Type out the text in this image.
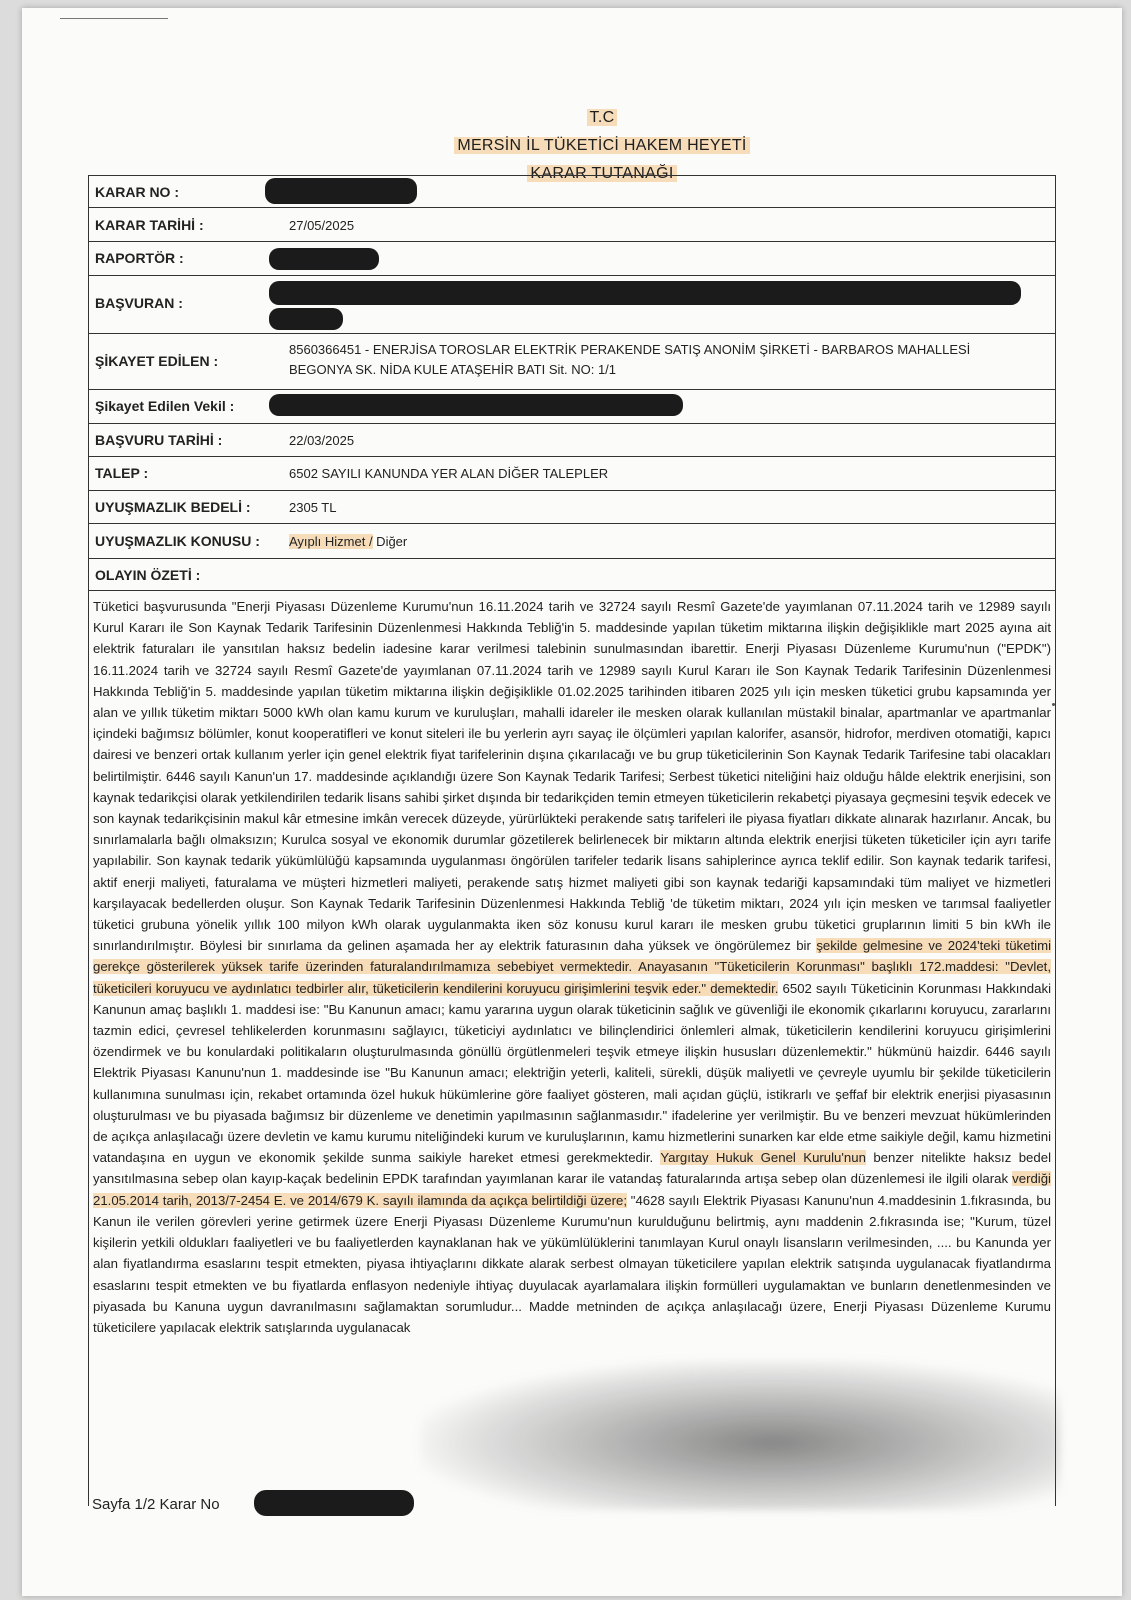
T.C
MERSİN İL TÜKETİCİ HAKEM HEYETİ
KARAR TUTANAĞI
KARAR NO :
KARAR TARİHİ :	27/05/2025
RAPORTÖR :
BAŞVURAN :
ŞİKAYET EDİLEN :
8560366451 - ENERJİSA TOROSLAR ELEKTRİK PERAKENDE SATIŞ ANONİM ŞİRKETİ - BARBAROS MAHALLESİ
BEGONYA SK. NİDA KULE ATAŞEHİR BATI Sit. NO: 1/1
Şikayet Edilen Vekil :
BAŞVURU TARİHİ :	22/03/2025
TALEP :	6502 SAYILI KANUNDA YER ALAN DİĞER TALEPLER
UYUŞMAZLIK BEDELİ :	2305 TL
UYUŞMAZLIK KONUSU : Ayıplı Hizmet / Diğer
OLAYIN ÖZETİ :
Tüketici başvurusunda "Enerji Piyasası Düzenleme Kurumu'nun 16.11.2024 tarih ve 32724 sayılı Resmî Gazete'de yayımlanan 07.11.2024 tarih ve 12989 sayılı Kurul Kararı ile Son Kaynak Tedarik Tarifesinin Düzenlenmesi Hakkında Tebliğ'in 5. maddesinde yapılan tüketim miktarına ilişkin değişiklikle mart 2025 ayına ait elektrik faturaları ile yansıtılan haksız bedelin iadesine karar verilmesi talebinin sunulmasından ibarettir. Enerji Piyasası Düzenleme Kurumu'nun ("EPDK") 16.11.2024 tarih ve 32724 sayılı Resmî Gazete'de yayımlanan 07.11.2024 tarih ve 12989 sayılı Kurul Kararı ile Son Kaynak Tedarik Tarifesinin Düzenlenmesi Hakkında Tebliğ'in 5. maddesinde yapılan tüketim miktarına ilişkin değişiklikle 01.02.2025 tarihinden itibaren 2025 yılı için mesken tüketici grubu kapsamında yer alan ve yıllık tüketim miktarı 5000 kWh olan kamu kurum ve kuruluşları, mahalli idareler ile mesken olarak kullanılan müstakil binalar, apartmanlar ve apartmanlar içindeki bağımsız bölümler, konut kooperatifleri ve konut siteleri ile bu yerlerin ayrı sayaç ile ölçümleri yapılan kalorifer, asansör, hidrofor, merdiven otomatiği, kapıcı dairesi ve benzeri ortak kullanım yerler için genel elektrik fiyat tarifelerinin dışına çıkarılacağı ve bu grup tüketicilerinin Son Kaynak Tedarik Tarifesine tabi olacakları belirtilmiştir. 6446 sayılı Kanun'un 17. maddesinde açıklandığı üzere Son Kaynak Tedarik Tarifesi; Serbest tüketici niteliğini haiz olduğu hâlde elektrik enerjisini, son kaynak tedarikçisi olarak yetkilendirilen tedarik lisans sahibi şirket dışında bir tedarikçiden temin etmeyen tüketicilerin rekabetçi piyasaya geçmesini teşvik edecek ve son kaynak tedarikçisinin makul kâr etmesine imkân verecek düzeyde, yürürlükteki perakende satış tarifeleri ile piyasa fiyatları dikkate alınarak hazırlanır. Ancak, bu sınırlamalarla bağlı olmaksızın; Kurulca sosyal ve ekonomik durumlar gözetilerek belirlenecek bir miktarın altında elektrik enerjisi tüketen tüketiciler için ayrı tarife yapılabilir. Son kaynak tedarik yükümlülüğü kapsamında uygulanması öngörülen tarifeler tedarik lisans sahiplerince ayrıca teklif edilir. Son kaynak tedarik tarifesi, aktif enerji maliyeti, faturalama ve müşteri hizmetleri maliyeti, perakende satış hizmet maliyeti gibi son kaynak tedariği kapsamındaki tüm maliyet ve hizmetleri karşılayacak bedellerden oluşur. Son Kaynak Tedarik Tarifesinin Düzenlenmesi Hakkında Tebliğ 'de tüketim miktarı, 2024 yılı için mesken ve tarımsal faaliyetler tüketici grubuna yönelik yıllık 100 milyon kWh olarak uygulanmakta iken söz konusu kurul kararı ile mesken grubu tüketici gruplarının limiti 5 bin kWh ile sınırlandırılmıştır. Böylesi bir sınırlama da gelinen aşamada her ay elektrik faturasının daha yüksek ve öngörülemez bir şekilde gelmesine ve 2024'teki tüketimi gerekçe gösterilerek yüksek tarife üzerinden faturalandırılmamıza sebebiyet vermektedir. Anayasanın "Tüketicilerin Korunması" başlıklı 172.maddesi: "Devlet, tüketicileri koruyucu ve aydınlatıcı tedbirler alır, tüketicilerin kendilerini koruyucu girişimlerini teşvik eder." demektedir. 6502 sayılı Tüketicinin Korunması Hakkındaki Kanunun amaç başlıklı 1. maddesi ise: "Bu Kanunun amacı; kamu yararına uygun olarak tüketicinin sağlık ve güvenliği ile ekonomik çıkarlarını koruyucu, zararlarını tazmin edici, çevresel tehlikelerden korunmasını sağlayıcı, tüketiciyi aydınlatıcı ve bilinçlendirici önlemleri almak, tüketicilerin kendilerini koruyucu girişimlerini özendirmek ve bu konulardaki politikaların oluşturulmasında gönüllü örgütlenmeleri teşvik etmeye ilişkin hususları düzenlemektir." hükmünü haizdir. 6446 sayılı Elektrik Piyasası Kanunu'nun 1. maddesinde ise "Bu Kanunun amacı; elektriğin yeterli, kaliteli, sürekli, düşük maliyetli ve çevreyle uyumlu bir şekilde tüketicilerin kullanımına sunulması için, rekabet ortamında özel hukuk hükümlerine göre faaliyet gösteren, mali açıdan güçlü, istikrarlı ve şeffaf bir elektrik enerjisi piyasasının oluşturulması ve bu piyasada bağımsız bir düzenleme ve denetimin yapılmasının sağlanmasıdır." ifadelerine yer verilmiştir. Bu ve benzeri mevzuat hükümlerinden de açıkça anlaşılacağı üzere devletin ve kamu kurumu niteliğindeki kurum ve kuruluşlarının, kamu hizmetlerini sunarken kar elde etme saikiyle değil, kamu hizmetini vatandaşına en uygun ve ekonomik şekilde sunma saikiyle hareket etmesi gerekmektedir. Yargıtay Hukuk Genel Kurulu'nun benzer nitelikte haksız bedel yansıtılmasına sebep olan kayıp-kaçak bedelinin EPDK tarafından yayımlanan karar ile vatandaş faturalarında artışa sebep olan düzenlemesi ile ilgili olarak verdiği 21.05.2014 tarih, 2013/7-2454 E. ve 2014/679 K. sayılı ilamında da açıkça belirtildiği üzere; "4628 sayılı Elektrik Piyasası Kanunu'nun 4.maddesinin 1.fıkrasında, bu Kanun ile verilen görevleri yerine getirmek üzere Enerji Piyasası Düzenleme Kurumu'nun kurulduğunu belirtmiş, aynı maddenin 2.fıkrasında ise; "Kurum, tüzel kişilerin yetkili oldukları faaliyetleri ve bu faaliyetlerden kaynaklanan hak ve yükümlülüklerini tanımlayan Kurul onaylı lisansların verilmesinden, .... bu Kanunda yer alan fiyatlandırma esaslarını tespit etmekten, piyasa ihtiyaçlarını dikkate alarak serbest olmayan tüketicilere yapılan elektrik satışında uygulanacak fiyatlandırma esaslarını tespit etmekten ve bu fiyatlarda enflasyon nedeniyle ihtiyaç duyulacak ayarlamalara ilişkin formülleri uygulamaktan ve bunların denetlenmesinden ve piyasada bu Kanuna uygun davranılmasını sağlamaktan sorumludur... Madde metninden de açıkça anlaşılacağı üzere, Enerji Piyasası Düzenleme Kurumu tüketicilere yapılacak elektrik satışlarında uygulanacak
Sayfa 1/2 Karar No
